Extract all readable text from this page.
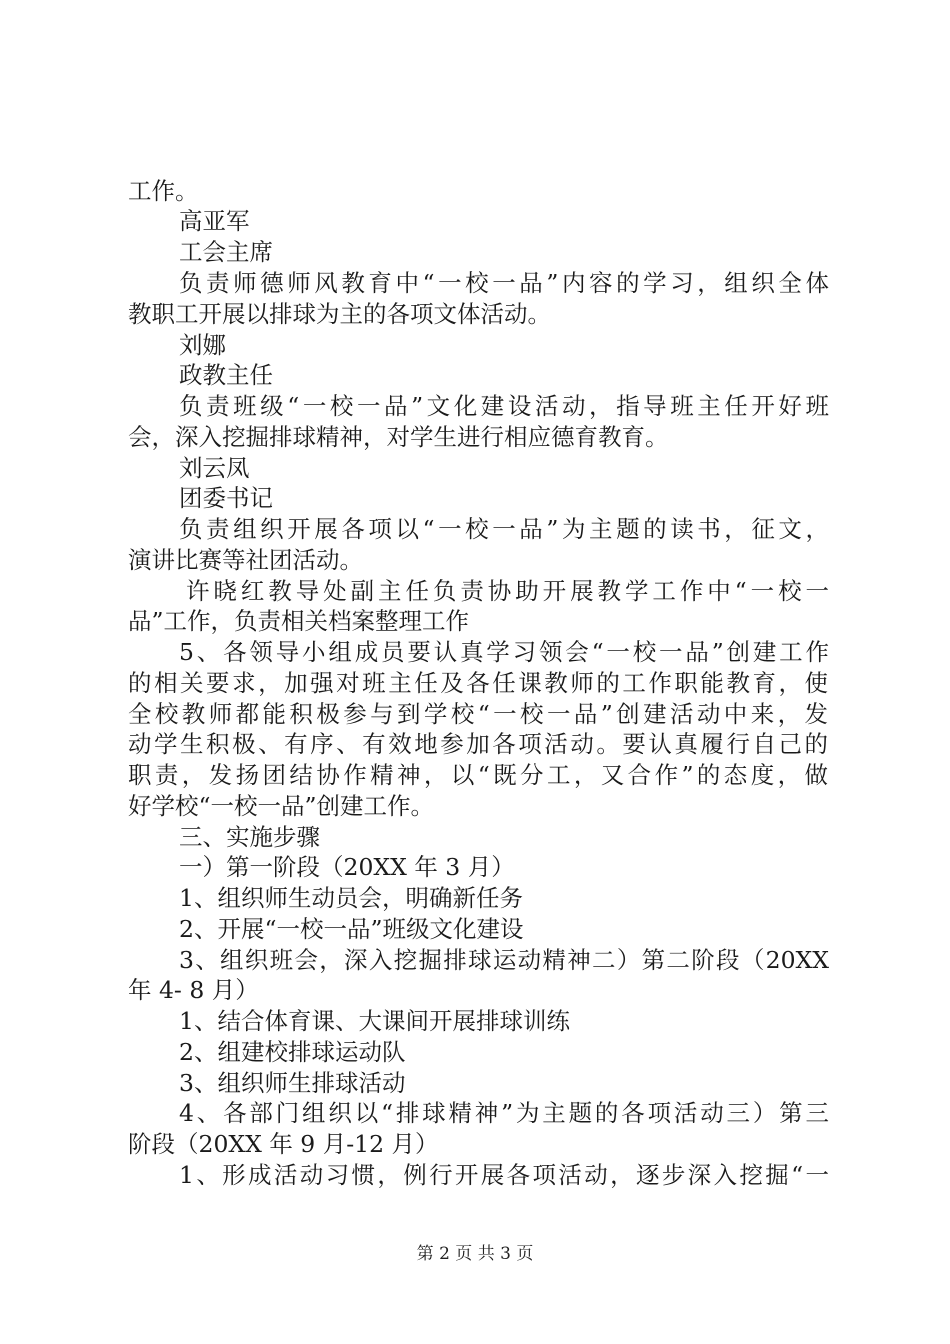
工作。
高亚军
工会主席
负责师德师风教育中“一校一品”内容的学习，组织全体
教职工开展以排球为主的各项文体活动。
刘娜
政教主任
负责班级“一校一品”文化建设活动，指导班主任开好班
会，深入挖掘排球精神，对学生进行相应德育教育。
刘云凤
团委书记
负责组织开展各项以“一校一品”为主题的读书，征文，
演讲比赛等社团活动。
许晓红教导处副主任负责协助开展教学工作中“一校一
品”工作，负责相关档案整理工作
5、各领导小组成员要认真学习领会“一校一品”创建工作
的相关要求，加强对班主任及各任课教师的工作职能教育，使
全校教师都能积极参与到学校“一校一品”创建活动中来，发
动学生积极、有序、有效地参加各项活动。要认真履行自己的
职责，发扬团结协作精神，以“既分工，又合作”的态度，做
好学校“一校一品”创建工作。
三、实施步骤
一）第一阶段（20XX 年 3 月）
1、组织师生动员会，明确新任务
2、开展“一校一品”班级文化建设
3、组织班会，深入挖掘排球运动精神二）第二阶段（20XX
年 4- 8 月）
1、结合体育课、大课间开展排球训练
2、组建校排球运动队
3、组织师生排球活动
4、各部门组织以“排球精神”为主题的各项活动三）第三
阶段（20XX 年 9 月-12 月）
1、形成活动习惯，例行开展各项活动，逐步深入挖掘“一
第 2 页 共 3 页
